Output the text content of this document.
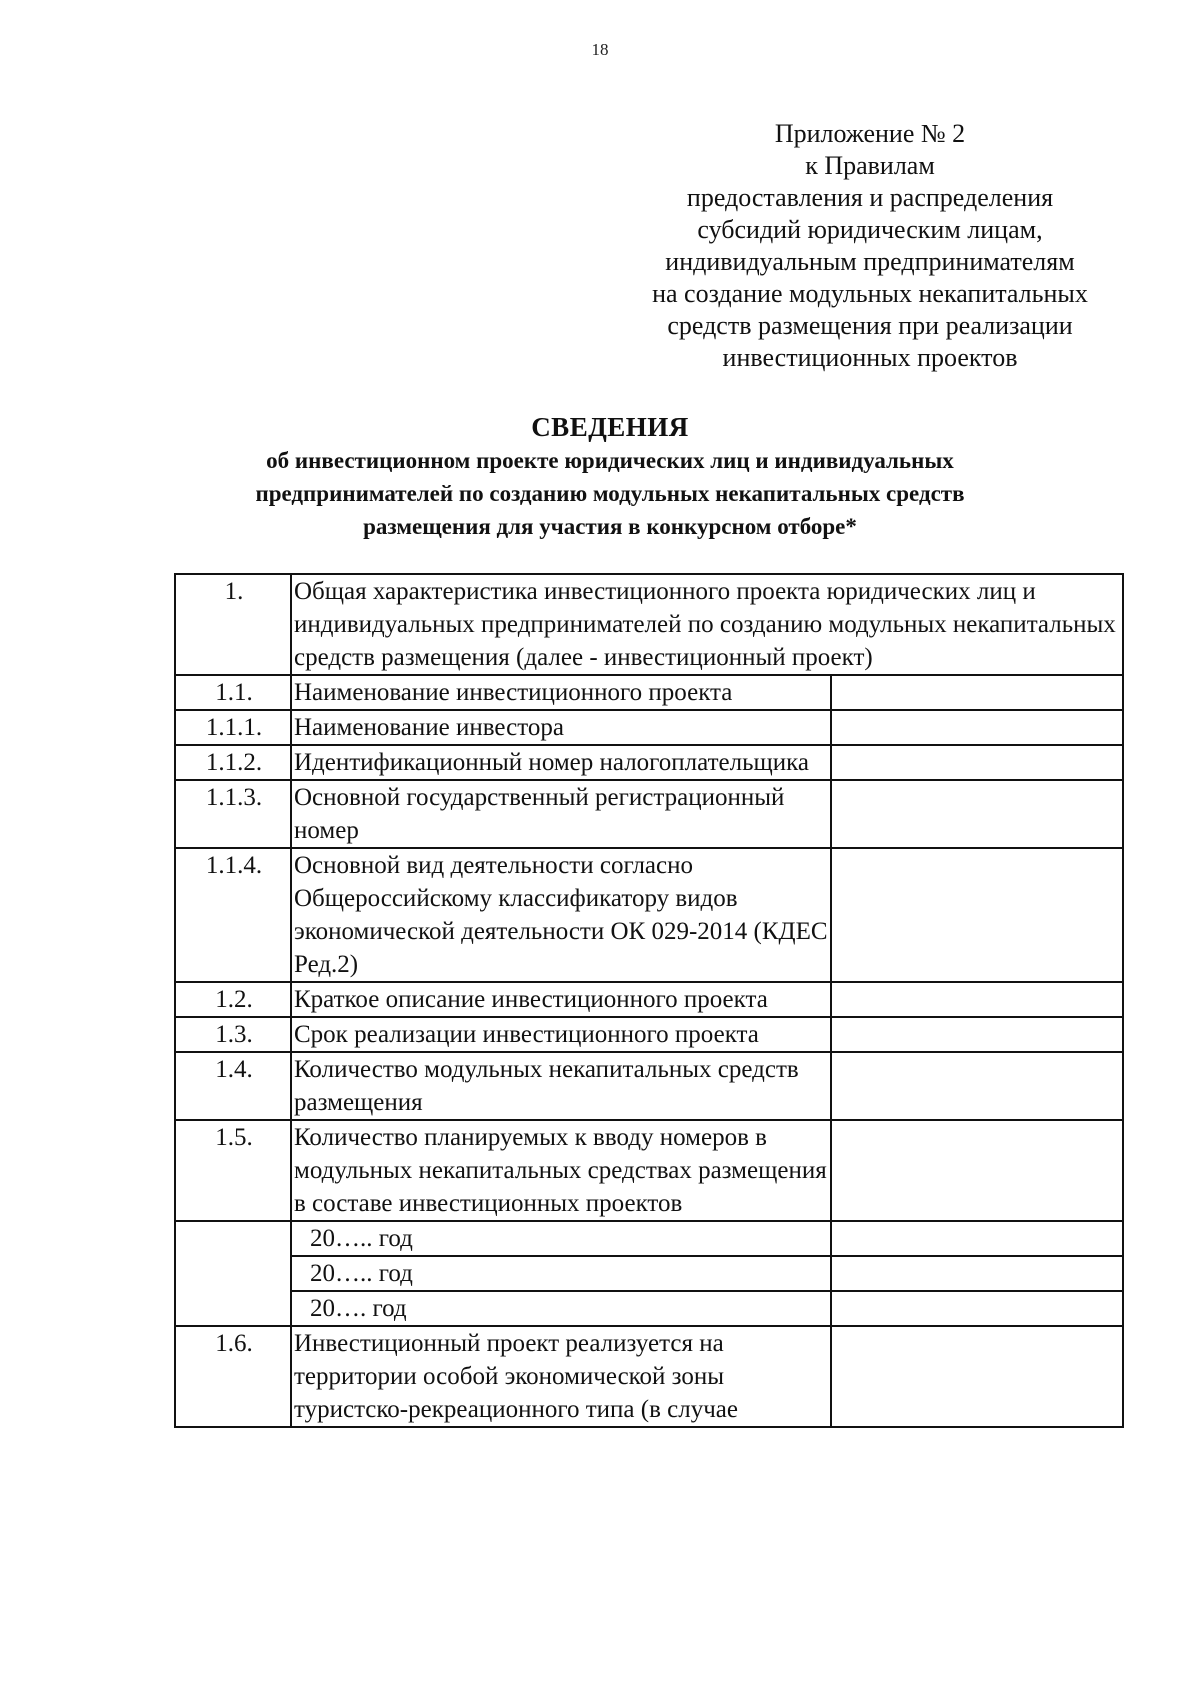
18
Приложение № 2
к Правилам
предоставления и распределения
субсидий юридическим лицам,
индивидуальным предпринимателям
на создание модульных некапитальных
средств размещения при реализации
инвестиционных проектов
СВЕДЕНИЯ
об инвестиционном проекте юридических лиц и индивидуальных
предпринимателей по созданию модульных некапитальных средств
размещения для участия в конкурсном отборе*
1.	Общая характеристика инвестиционного проекта юридических лиц и индивидуальных предпринимателей по созданию модульных некапитальных средств размещения (далее - инвестиционный проект)	
1.1.	Наименование инвестиционного проекта	
1.1.1.	Наименование инвестора	
1.1.2.	Идентификационный номер налогоплательщика	
1.1.3.	Основной государственный регистрационный номер	
1.1.4.	Основной вид деятельности согласно Общероссийскому классификатору видов экономической деятельности ОК 029-2014 (КДЕС Ред.2)	
1.2.	Краткое описание инвестиционного проекта	
1.3.	Срок реализации инвестиционного проекта	
1.4.	Количество модульных некапитальных средств размещения	
1.5.	Количество планируемых к вводу номеров в модульных некапитальных средствах размещения в составе инвестиционных проектов	
	20….. год	
	20….. год	
	20…. год	
1.6.	Инвестиционный проект реализуется на территории особой экономической зоны туристско-рекреационного типа (в случае	
